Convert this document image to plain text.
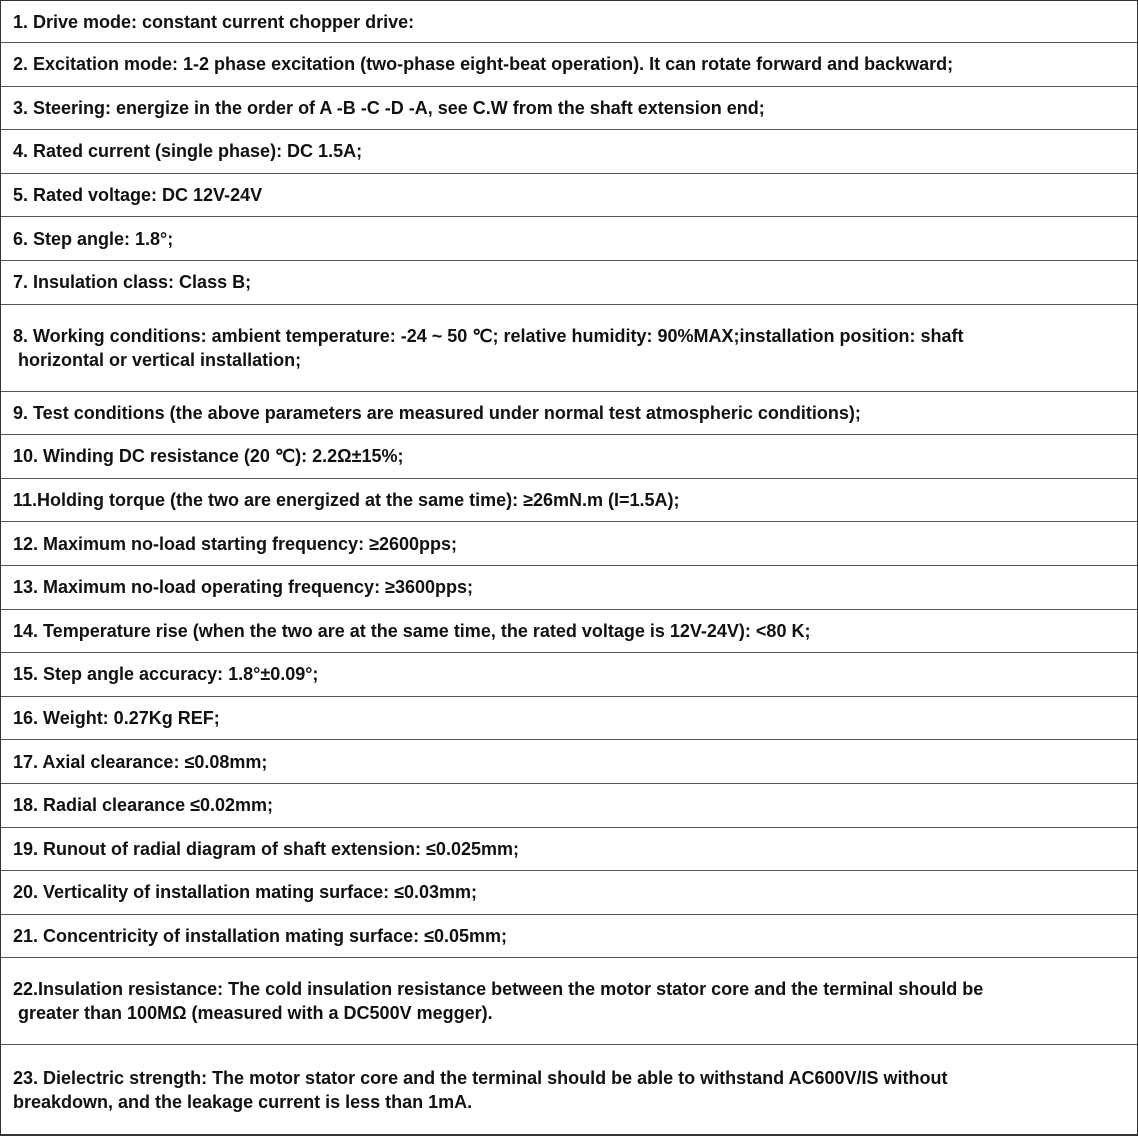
1. Drive mode: constant current chopper drive:
2. Excitation mode: 1-2 phase excitation (two-phase eight-beat operation). It can rotate forward and backward;
3. Steering: energize in the order of A -B -C -D -A, see C.W from the shaft extension end;
4. Rated current (single phase): DC 1.5A;
5. Rated voltage: DC 12V-24V
6. Step angle: 1.8°;
7. Insulation class: Class B;
8. Working conditions: ambient temperature: -24 ~ 50 ℃; relative humidity: 90%MAX;installation position: shaft
horizontal or vertical installation;
9. Test conditions (the above parameters are measured under normal test atmospheric conditions);
10. Winding DC resistance (20 ℃): 2.2Ω±15%;
11.Holding torque (the two are energized at the same time): ≥26mN.m (I=1.5A);
12. Maximum no-load starting frequency: ≥2600pps;
13. Maximum no-load operating frequency: ≥3600pps;
14. Temperature rise (when the two are at the same time, the rated voltage is 12V-24V): <80 K;
15. Step angle accuracy: 1.8°±0.09°;
16. Weight: 0.27Kg REF;
17. Axial clearance: ≤0.08mm;
18. Radial clearance ≤0.02mm;
19. Runout of radial diagram of shaft extension: ≤0.025mm;
20. Verticality of installation mating surface: ≤0.03mm;
21. Concentricity of installation mating surface: ≤0.05mm;
22.Insulation resistance: The cold insulation resistance between the motor stator core and the terminal should be
greater than 100MΩ (measured with a DC500V megger).
23. Dielectric strength: The motor stator core and the terminal should be able to withstand AC600V/IS without
breakdown, and the leakage current is less than 1mA.
